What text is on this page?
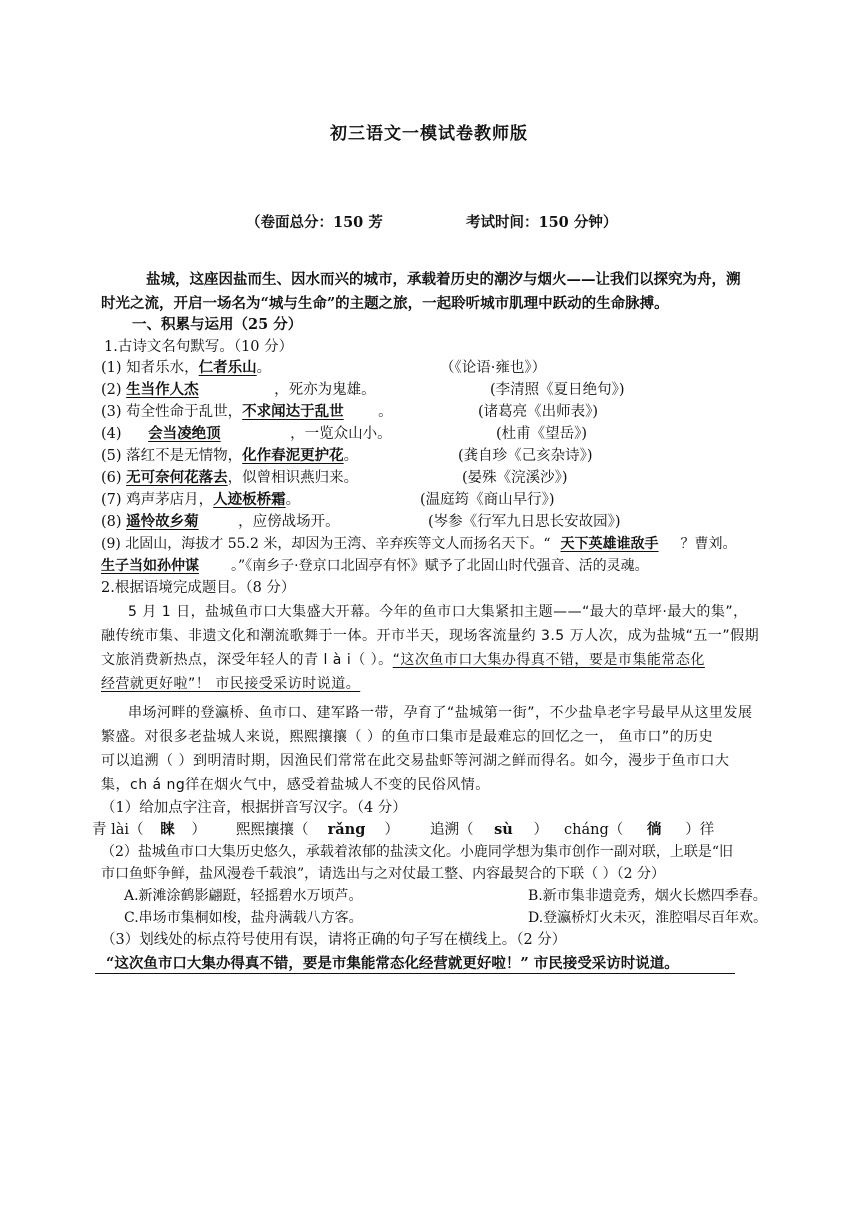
初三语文一模试卷教师版
（卷面总分：150 芳	考试时间：150 分钟）
盐城，这座因盐而生、因水而兴的城市，承载着历史的潮汐与烟火——让我们以探究为舟，溯
时光之流，开启一场名为“城与生命”的主题之旅，一起聆听城市肌理中跃动的生命脉搏。
一、积累与运用（25 分）
1.古诗文名句默写。（10 分）
(1) 知者乐水，仁者乐山。	（《论语·雍也》）
(2) 生当作人杰	，死亦为鬼雄。	(李清照《夏日绝句》)
(3) 苟全性命于乱世，不求闻达于乱世 。	(诸葛亮《出师表》)
(4) 会当凌绝顶	，一览众山小。	(杜甫《望岳》)
(5) 落红不是无情物，化作春泥更护花。	(龚自珍《己亥杂诗》)
(6) 无可奈何花落去，似曾相识燕归来。	(晏殊《浣溪沙》)
(7) 鸡声茅店月，人迹板桥霜。	(温庭筠《商山早行》)
(8) 遥怜故乡菊	，应傍战场开。	(岑参《行军九日思长安故园》)
(9) 北固山，海拔才 55.2 米，却因为王湾、辛弃疾等文人而扬名天下。“ 天下英雄谁敌手 ？曹刘。
生子当如孙仲谋 。”《南乡子·登京口北固亭有怀》赋予了北固山时代强音、活的灵魂。
2.根据语境完成题目。（8 分）
5 月 1 日，盐城鱼市口大集盛大开幕。今年的鱼市口大集紧扣主题——“最大的草坪·最大的集”，
融传统市集、非遗文化和潮流歌舞于一体。开市半天，现场客流量约 3.5 万人次，成为盐城“五一”假期
文旅消费新热点，深受年轻人的青 l à i（ ）。“这次鱼市口大集办得真不错，要是市集能常态化
经营就更好啦”！ 市民接受采访时说道。
串场河畔的登瀛桥、鱼市口、建军路一带，孕育了“盐城第一街”，不少盐阜老字号最早从这里发展
繁盛。对很多老盐城人来说，熙熙攘攘（ ）的鱼市口集市是最难忘的回忆之一， 鱼市口”的历史
可以追溯（ ）到明清时期，因渔民们常常在此交易盐虾等河湖之鲜而得名。如今，漫步于鱼市口大
集，ch á ng徉在烟火气中，感受着盐城人不变的民俗风情。
（1）给加点字注音，根据拼音写汉字。（4 分）
青 lài（ 睐 ） 熙熙攘攘（ rǎng ） 追溯（ sù ） cháng（ 徜 ）徉
（2）盐城鱼市口大集历史悠久，承载着浓郁的盐渎文化。小鹿同学想为集市创作一副对联，上联是“旧
市口鱼虾争鲜，盐风漫卷千载浪”，请选出与之对仗最工整、内容最契合的下联（ ）（2 分）
A.新滩涂鹤影翩跹，轻摇碧水万顷芦。	B.新市集非遗竞秀，烟火长燃四季春。
C.串场市集桐如梭，盐舟满载八方客。	D.登瀛桥灯火未灭，淮腔唱尽百年欢。
（3）划线处的标点符号使用有误，请将正确的句子写在横线上。（2 分）
“这次鱼市口大集办得真不错，要是市集能常态化经营就更好啦！” 市民接受采访时说道。
